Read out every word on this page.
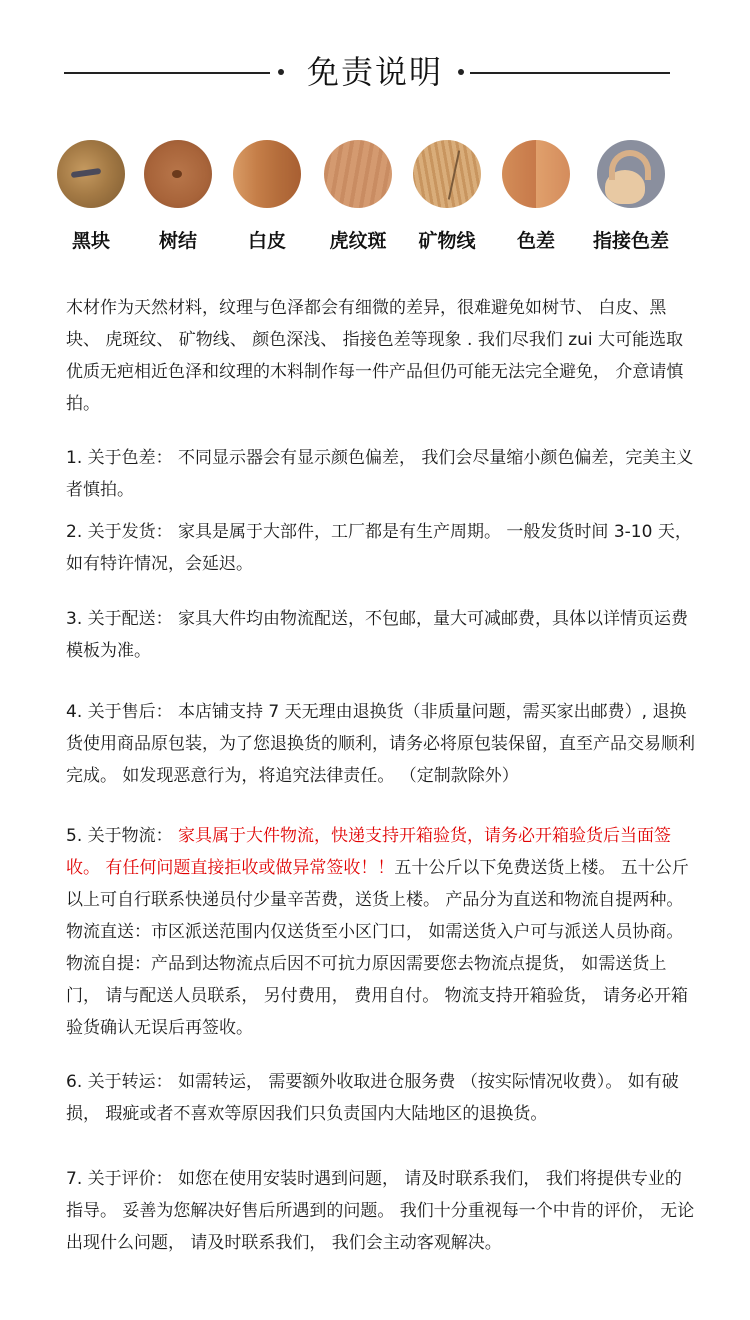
免责说明
黑块	树结	白皮	虎纹斑	矿物线	色差	指接色差
木材作为天然材料，纹理与色泽都会有细微的差异，很难避免如树节、 白皮、黑块、 虎斑纹、 矿物线、 颜色深浅、 指接色差等现象 . 我们尽我们 zui 大可能选取优质无疤相近色泽和纹理的木料制作每一件产品但仍可能无法完全避免， 介意请慎拍。
1. 关于色差： 不同显示器会有显示颜色偏差， 我们会尽量缩小颜色偏差，完美主义者慎拍。
2. 关于发货： 家具是属于大部件，工厂都是有生产周期。 一般发货时间 3-10 天，如有特许情况，会延迟。
3. 关于配送： 家具大件均由物流配送，不包邮，量大可减邮费，具体以详情页运费模板为准。
4. 关于售后： 本店铺支持 7 天无理由退换货（非质量问题，需买家出邮费）, 退换货使用商品原包装，为了您退换货的顺利，请务必将原包装保留，直至产品交易顺利完成。 如发现恶意行为，将追究法律责任。 （定制款除外）
5. 关于物流： 家具属于大件物流，快递支持开箱验货，请务必开箱验货后当面签收。 有任何问题直接拒收或做异常签收！！五十公斤以下免费送货上楼。 五十公斤以上可自行联系快递员付少量辛苦费，送货上楼。 产品分为直送和物流自提两种。 物流直送：市区派送范围内仅送货至小区门口， 如需送货入户可与派送人员协商。 物流自提：产品到达物流点后因不可抗力原因需要您去物流点提货， 如需送货上门， 请与配送人员联系， 另付费用， 费用自付。 物流支持开箱验货， 请务必开箱验货确认无误后再签收。
6. 关于转运： 如需转运， 需要额外收取进仓服务费 （按实际情况收费）。 如有破损， 瑕疵或者不喜欢等原因我们只负责国内大陆地区的退换货。
7. 关于评价： 如您在使用安装时遇到问题， 请及时联系我们， 我们将提供专业的指导。 妥善为您解决好售后所遇到的问题。 我们十分重视每一个中肯的评价， 无论出现什么问题， 请及时联系我们， 我们会主动客观解决。
